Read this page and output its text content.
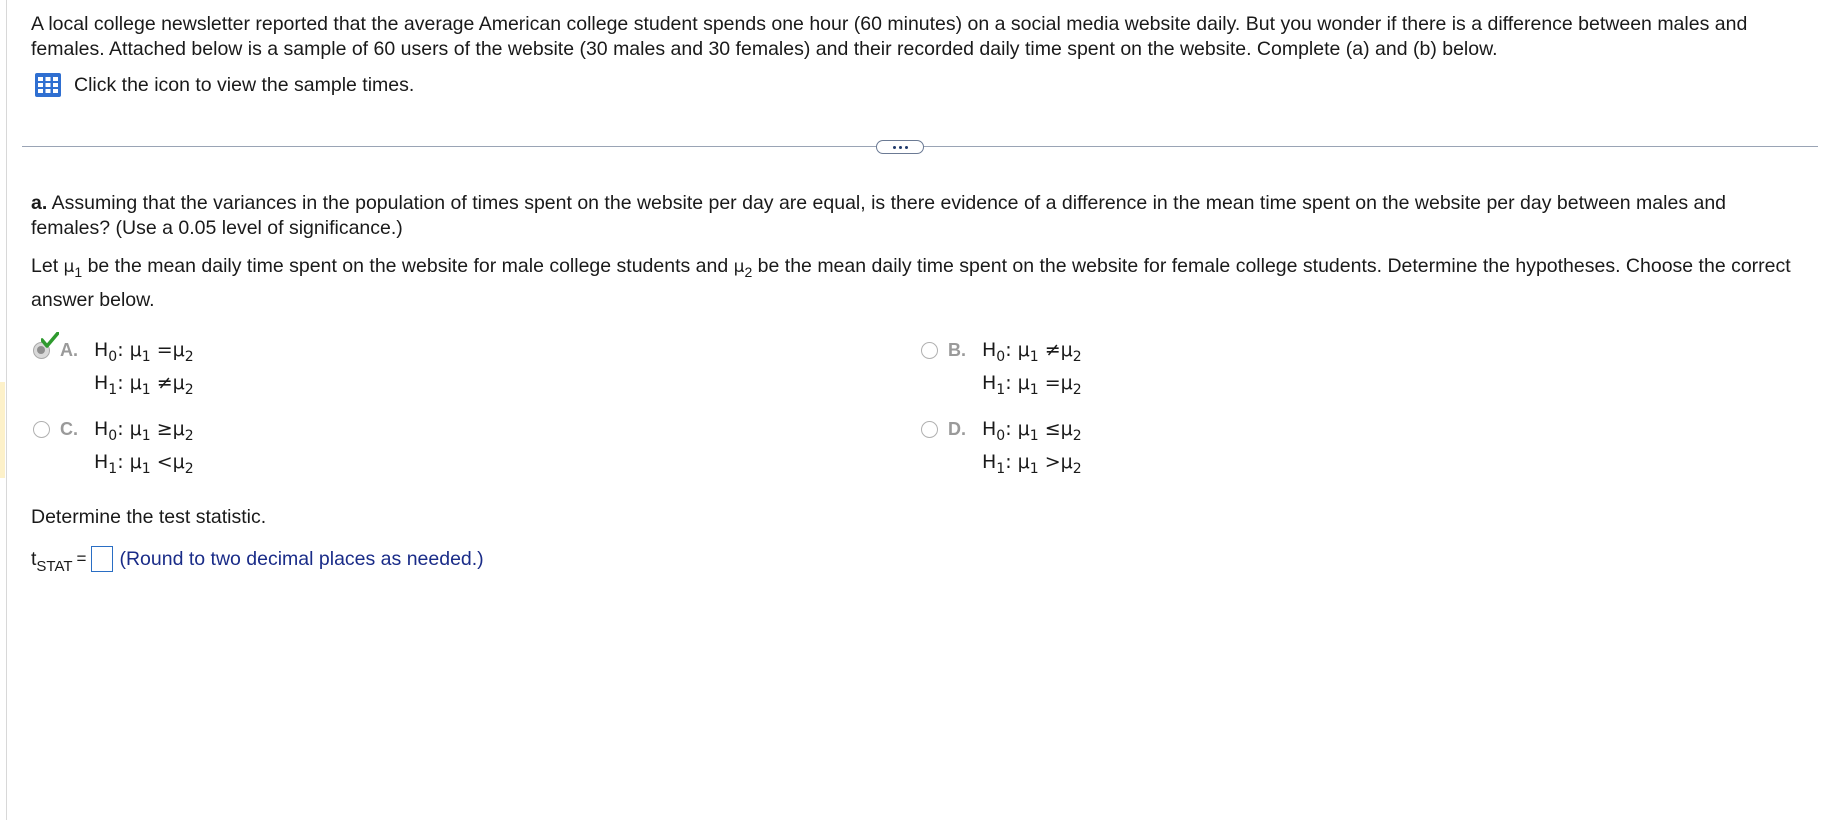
A local college newsletter reported that the average American college student spends one hour (60 minutes) on a social media website daily. But you wonder if there is a difference between males and females. Attached below is a sample of 60 users of the website (30 males and 30 females) and their recorded daily time spent on the website. Complete (a) and (b) below.
Click the icon to view the sample times.
a. Assuming that the variances in the population of times spent on the website per day are equal, is there evidence of a difference in the mean time spent on the website per day between males and females? (Use a 0.05 level of significance.)
Let $\mu_1$ be the mean daily time spent on the website for male college students and $\mu_2$ be the mean daily time spent on the website for female college students. Determine the hypotheses. Choose the correct answer below.
A. $H_0$: $\mu_1 =\mu_2$
$H_1$: $\mu_1 \ne\mu_2$
B. $H_0$: $\mu_1 \ne\mu_2$
$H_1$: $\mu_1 =\mu_2$
C. $H_0$: $\mu_1 \ge\mu_2$
$H_1$: $\mu_1 <\mu_2$
D. $H_0$: $\mu_1 \le\mu_2$
$H_1$: $\mu_1 >\mu_2$
Determine the test statistic.
$t_{STAT}$ = (Round to two decimal places as needed.)
